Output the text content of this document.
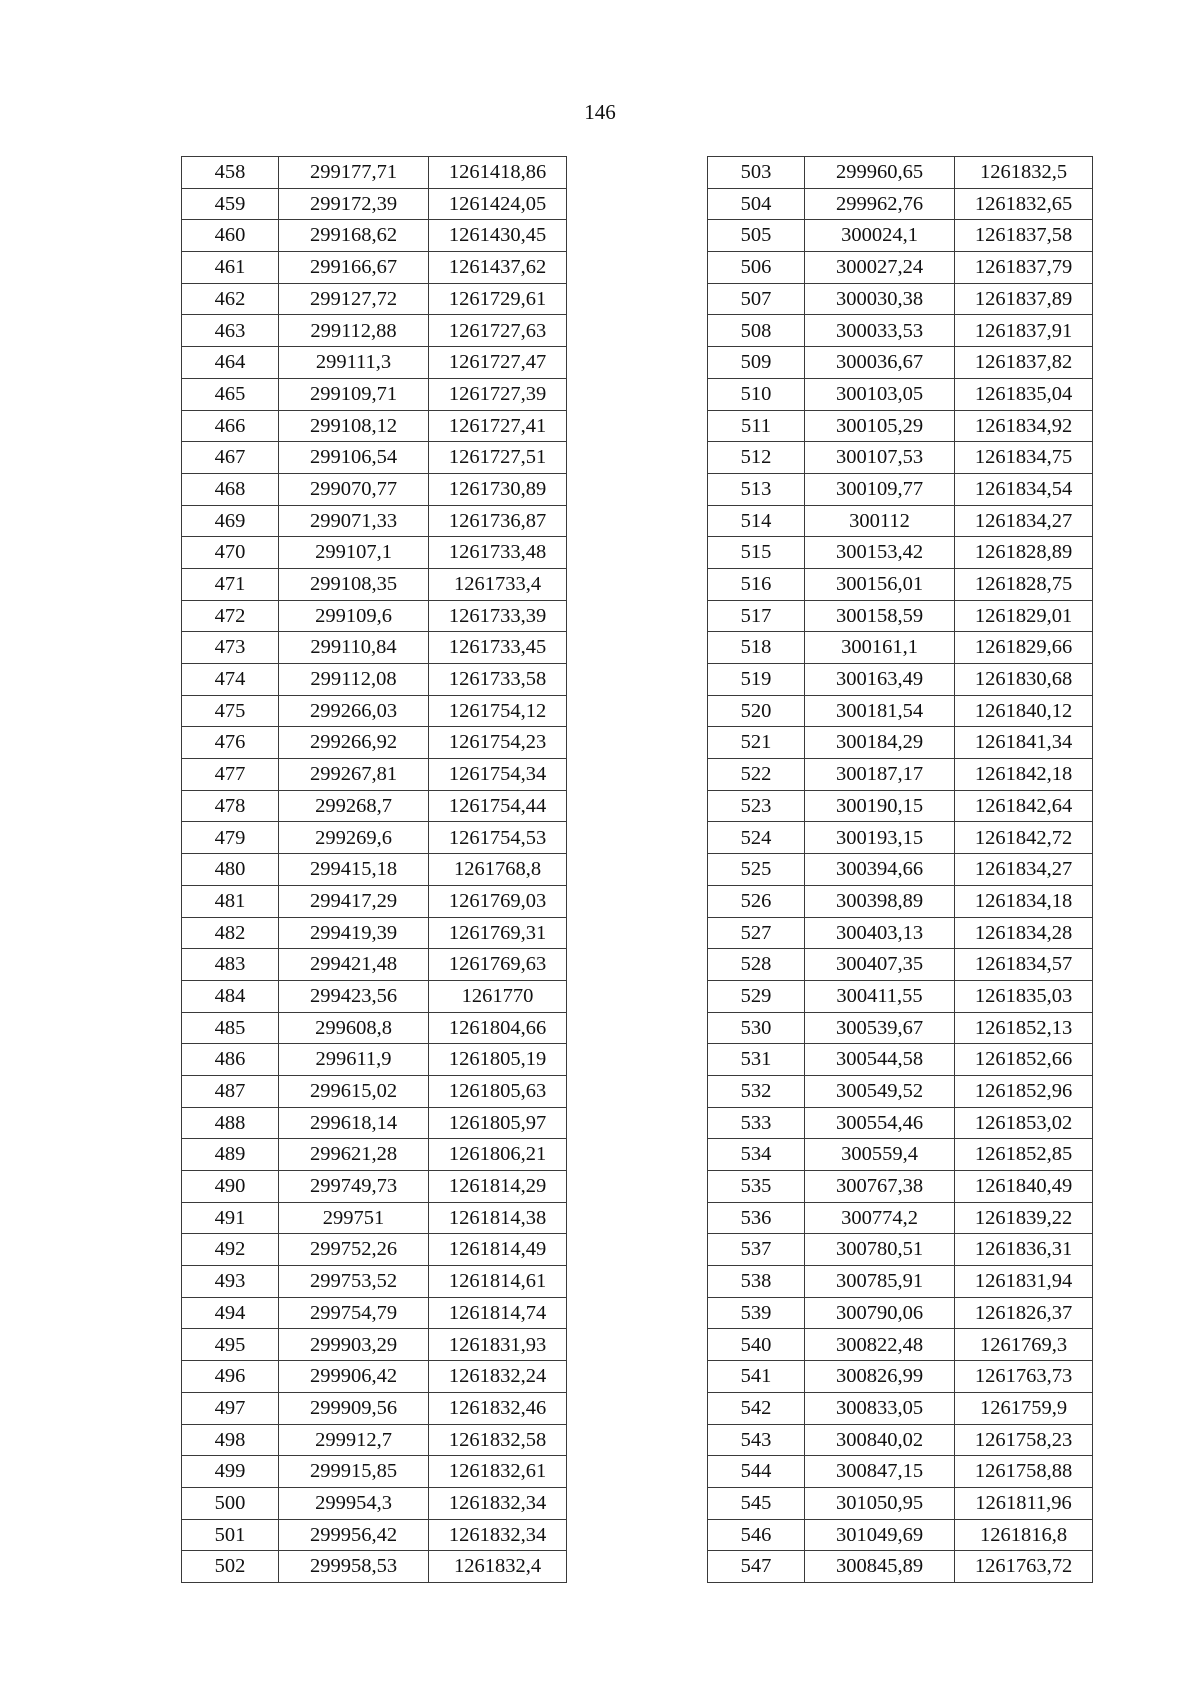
146
458	299177,71	1261418,86
459	299172,39	1261424,05
460	299168,62	1261430,45
461	299166,67	1261437,62
462	299127,72	1261729,61
463	299112,88	1261727,63
464	299111,3	1261727,47
465	299109,71	1261727,39
466	299108,12	1261727,41
467	299106,54	1261727,51
468	299070,77	1261730,89
469	299071,33	1261736,87
470	299107,1	1261733,48
471	299108,35	1261733,4
472	299109,6	1261733,39
473	299110,84	1261733,45
474	299112,08	1261733,58
475	299266,03	1261754,12
476	299266,92	1261754,23
477	299267,81	1261754,34
478	299268,7	1261754,44
479	299269,6	1261754,53
480	299415,18	1261768,8
481	299417,29	1261769,03
482	299419,39	1261769,31
483	299421,48	1261769,63
484	299423,56	1261770
485	299608,8	1261804,66
486	299611,9	1261805,19
487	299615,02	1261805,63
488	299618,14	1261805,97
489	299621,28	1261806,21
490	299749,73	1261814,29
491	299751	1261814,38
492	299752,26	1261814,49
493	299753,52	1261814,61
494	299754,79	1261814,74
495	299903,29	1261831,93
496	299906,42	1261832,24
497	299909,56	1261832,46
498	299912,7	1261832,58
499	299915,85	1261832,61
500	299954,3	1261832,34
501	299956,42	1261832,34
502	299958,53	1261832,4
503	299960,65	1261832,5
504	299962,76	1261832,65
505	300024,1	1261837,58
506	300027,24	1261837,79
507	300030,38	1261837,89
508	300033,53	1261837,91
509	300036,67	1261837,82
510	300103,05	1261835,04
511	300105,29	1261834,92
512	300107,53	1261834,75
513	300109,77	1261834,54
514	300112	1261834,27
515	300153,42	1261828,89
516	300156,01	1261828,75
517	300158,59	1261829,01
518	300161,1	1261829,66
519	300163,49	1261830,68
520	300181,54	1261840,12
521	300184,29	1261841,34
522	300187,17	1261842,18
523	300190,15	1261842,64
524	300193,15	1261842,72
525	300394,66	1261834,27
526	300398,89	1261834,18
527	300403,13	1261834,28
528	300407,35	1261834,57
529	300411,55	1261835,03
530	300539,67	1261852,13
531	300544,58	1261852,66
532	300549,52	1261852,96
533	300554,46	1261853,02
534	300559,4	1261852,85
535	300767,38	1261840,49
536	300774,2	1261839,22
537	300780,51	1261836,31
538	300785,91	1261831,94
539	300790,06	1261826,37
540	300822,48	1261769,3
541	300826,99	1261763,73
542	300833,05	1261759,9
543	300840,02	1261758,23
544	300847,15	1261758,88
545	301050,95	1261811,96
546	301049,69	1261816,8
547	300845,89	1261763,72
